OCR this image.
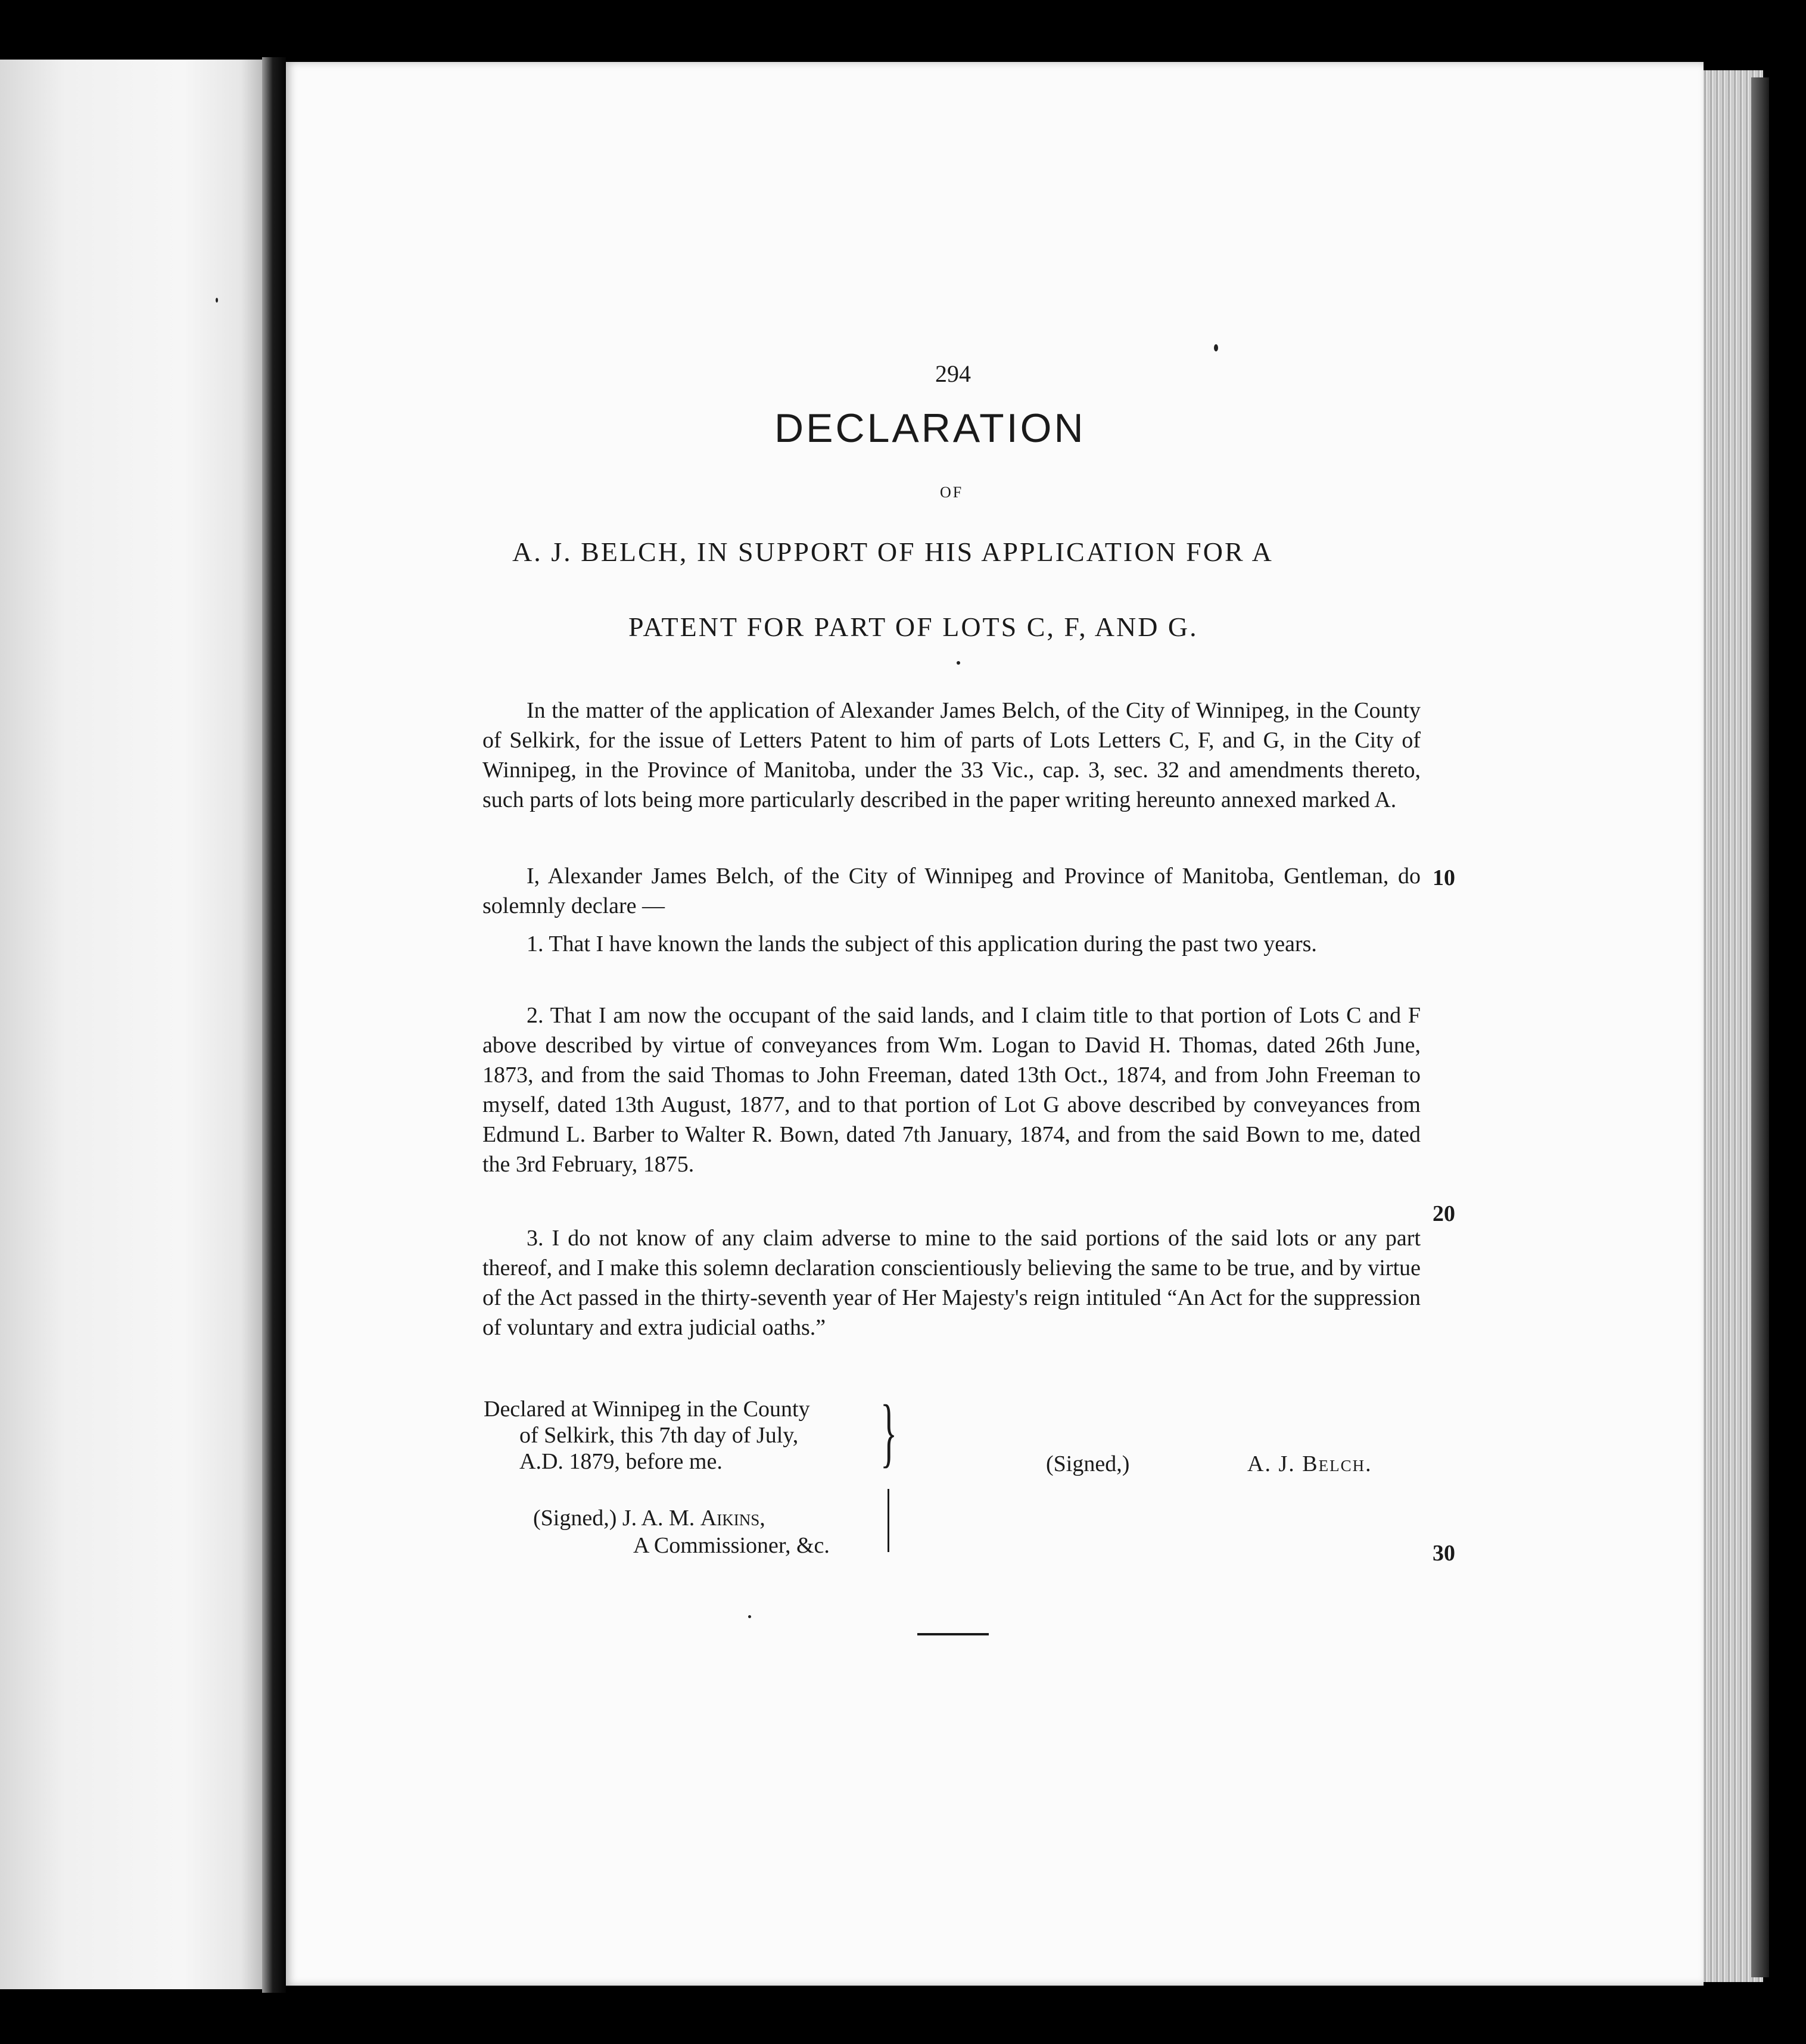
294
DECLARATION
OF
A. J. BELCH, IN SUPPORT OF HIS APPLICATION FOR A
PATENT FOR PART OF LOTS C, F, AND G.

In the matter of the application of Alexander James Belch, of the City of Winnipeg, in the County of Selkirk, for the issue of Letters Patent to him of parts of Lots Letters C, F, and G, in the City of Winnipeg, in the Province of Manitoba, under the 33 Vic., cap. 3, sec. 32 and amendments thereto, such parts of lots being more particularly described in the paper writing hereunto annexed marked A.

I, Alexander James Belch, of the City of Winnipeg and Province of Manitoba, Gentleman, do solemnly declare —

1. That I have known the lands the subject of this application during the past two years.

2. That I am now the occupant of the said lands, and I claim title to that portion of Lots C and F above described by virtue of conveyances from Wm. Logan to David H. Thomas, dated 26th June, 1873, and from the said Thomas to John Freeman, dated 13th Oct., 1874, and from John Freeman to myself, dated 13th August, 1877, and to that portion of Lot G above described by conveyances from Edmund L. Barber to Walter R. Bown, dated 7th January, 1874, and from the said Bown to me, dated the 3rd February, 1875.

3. I do not know of any claim adverse to mine to the said portions of the said lots or any part thereof, and I make this solemn declaration conscientiously believing the same to be true, and by virtue of the Act passed in the thirty-seventh year of Her Majesty's reign intituled “An Act for the suppression of voluntary and extra judicial oaths.”

10
20
30
Declared at Winnipeg in the County
of Selkirk, this 7th day of July,
A.D. 1879, before me.	}
(Signed,) J. A. M. Aikins,
A Commissioner, &c.
(Signed,)	A. J. Belch.
